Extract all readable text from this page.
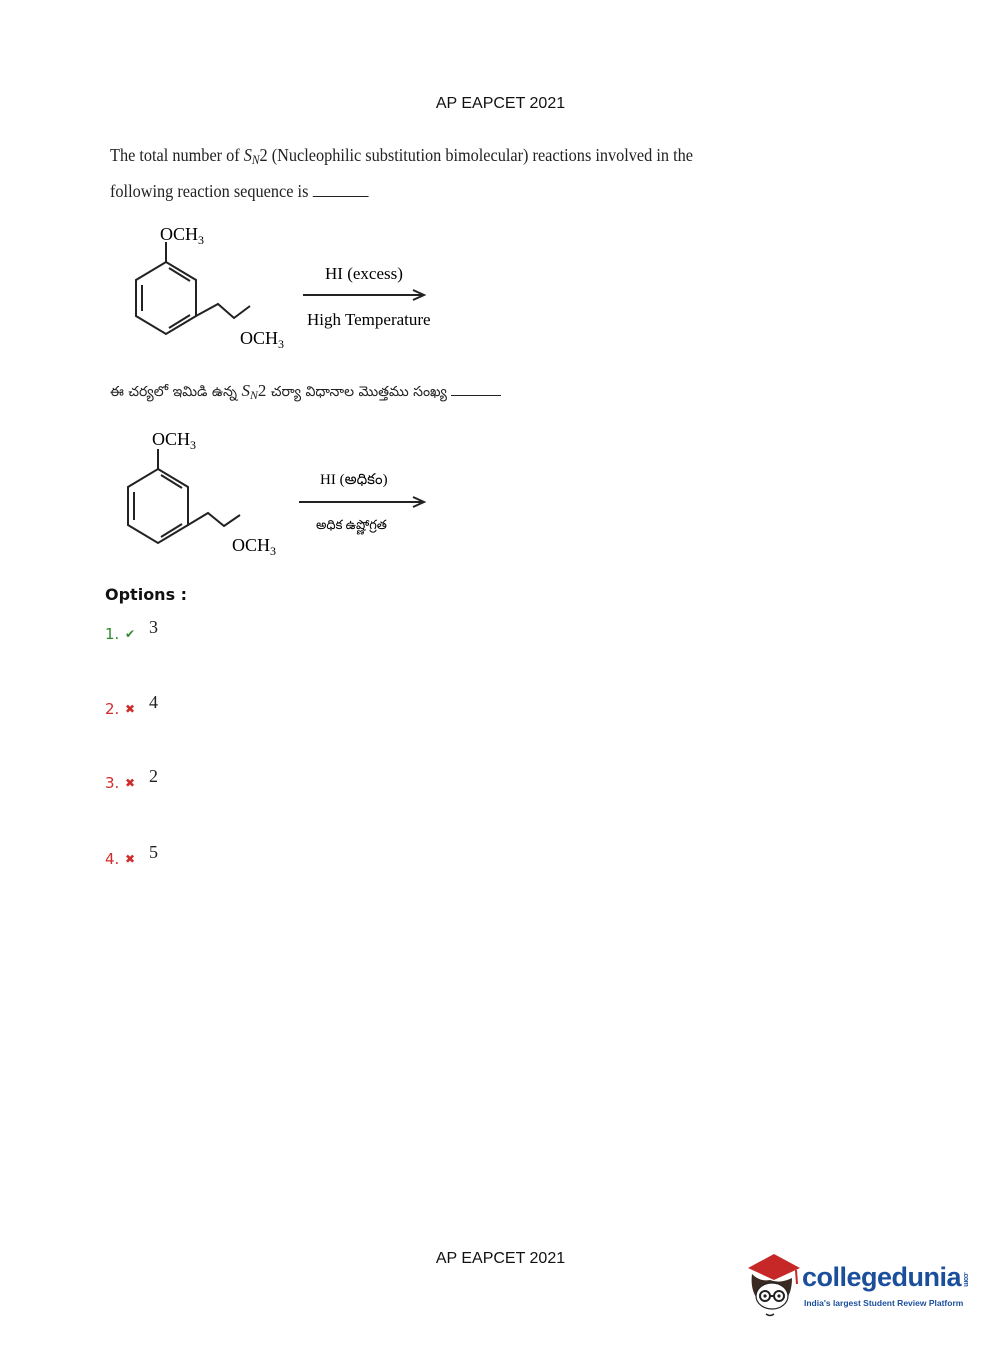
AP EAPCET 2021
The total number of $S_N2$ (Nucleophilic substitution bimolecular) reactions involved in the
following reaction sequence is
$OCH_3$
$OCH_3$
HI (excess)
High Temperature
ఈ చర్యలో ఇమిడి ఉన్న $S_N2$ చర్యా విధానాల మొత్తము సంఖ్య
$OCH_3$
$OCH_3$
HI (అధికం)
అధిక ఉష్ణోగ్రత
Options :
1. ✔ 3
2. ✖ 4
3. ✖ 2
4. ✖ 5
AP EAPCET 2021
collegedunia.com
India's largest Student Review Platform
